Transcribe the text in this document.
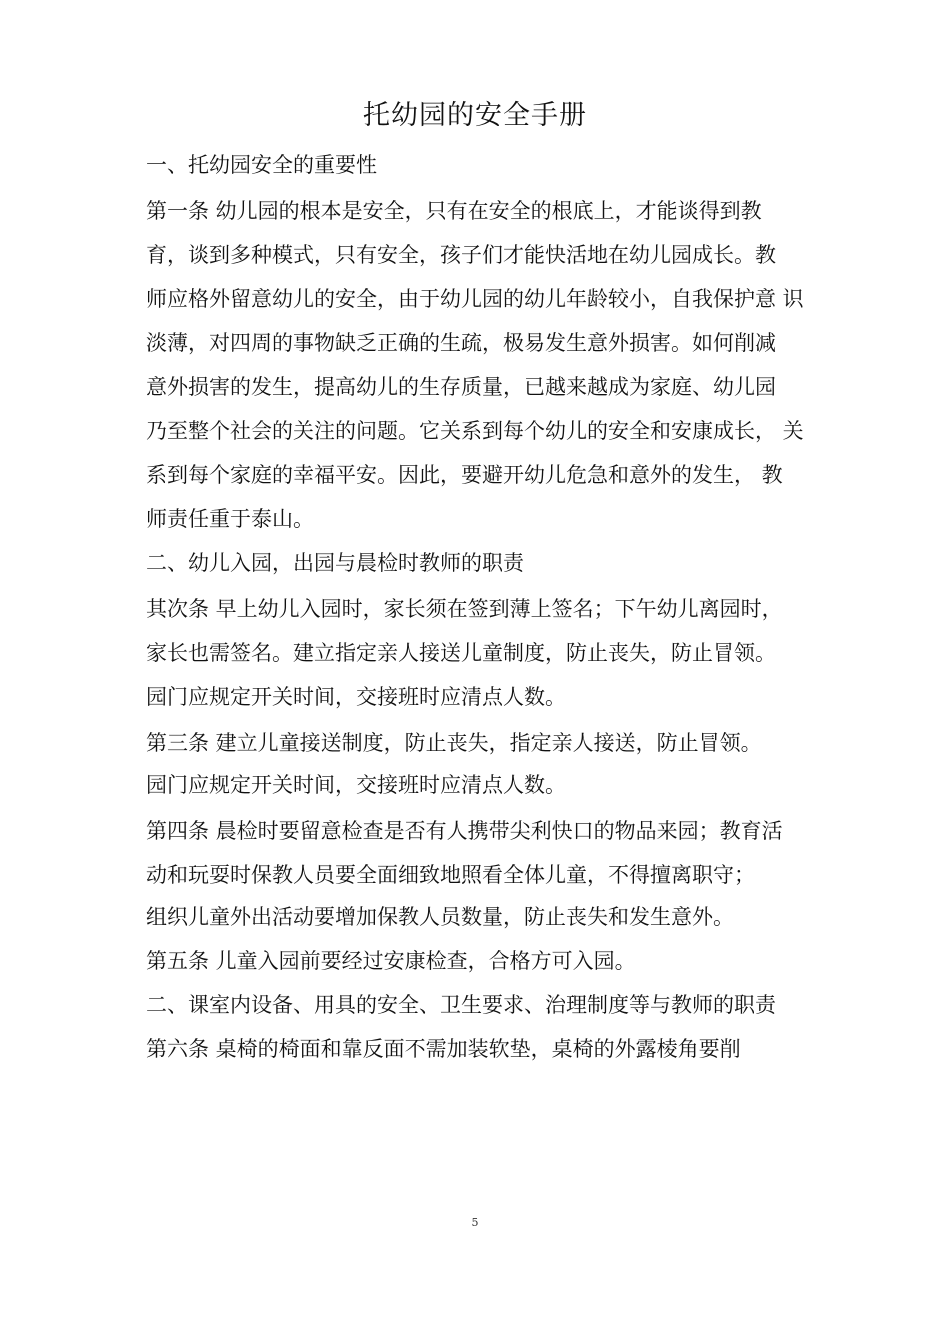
托幼园的安全手册

一、托幼园安全的重要性

第一条 幼儿园的根本是安全，只有在安全的根底上，才能谈得到教

育，谈到多种模式，只有安全，孩子们才能快活地在幼儿园成长。教

师应格外留意幼儿的安全，由于幼儿园的幼儿年龄较小，自我保护意 识

淡薄，对四周的事物缺乏正确的生疏，极易发生意外损害。如何削减

意外损害的发生，提高幼儿的生存质量，已越来越成为家庭、幼儿园

乃至整个社会的关注的问题。它关系到每个幼儿的安全和安康成长， 关

系到每个家庭的幸福平安。因此，要避开幼儿危急和意外的发生， 教

师责任重于泰山。

二、幼儿入园，出园与晨检时教师的职责

其次条 早上幼儿入园时，家长须在签到薄上签名；下午幼儿离园时，

家长也需签名。建立指定亲人接送儿童制度，防止丧失，防止冒领。

园门应规定开关时间，交接班时应清点人数。

第三条 建立儿童接送制度，防止丧失，指定亲人接送，防止冒领。

园门应规定开关时间，交接班时应清点人数。

第四条 晨检时要留意检查是否有人携带尖利快口的物品来园；教育活

动和玩耍时保教人员要全面细致地照看全体儿童，不得擅离职守；

组织儿童外出活动要增加保教人员数量，防止丧失和发生意外。

第五条 儿童入园前要经过安康检查，合格方可入园。

二、课室内设备、用具的安全、卫生要求、治理制度等与教师的职责

第六条 桌椅的椅面和靠反面不需加装软垫，桌椅的外露棱角要削

5
